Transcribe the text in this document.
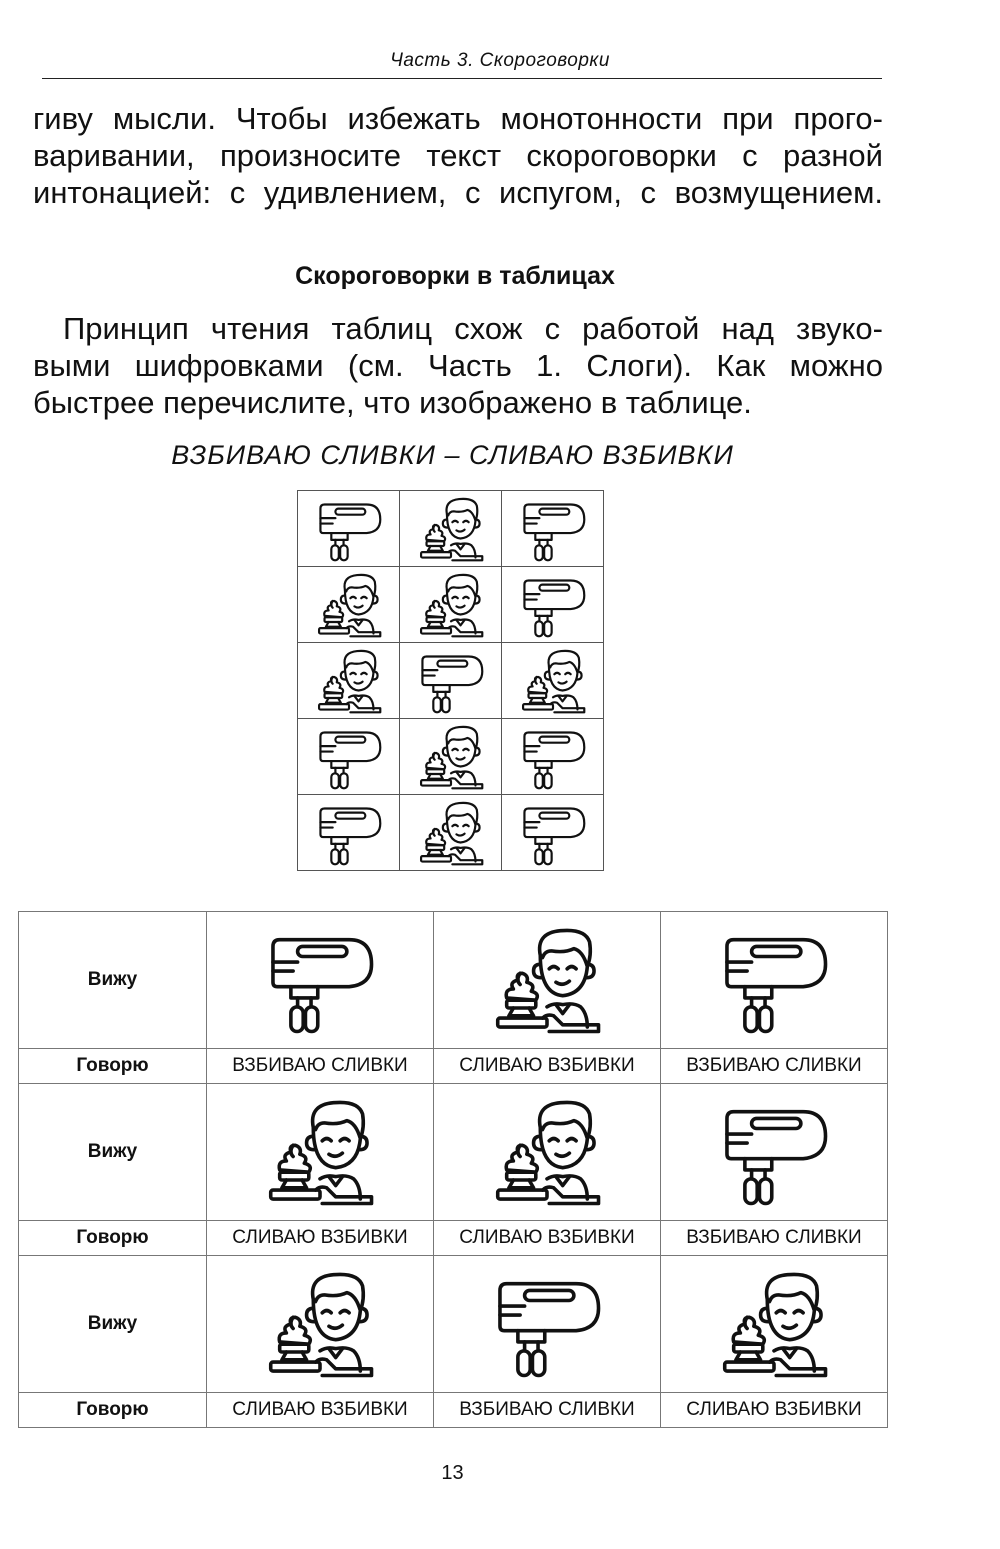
Часть 3. Скороговорки
гиву мысли. Чтобы избежать монотонности при прого-
варивании, произносите текст скороговорки с разной
интонацией: с удивлением, с испугом, с возмущением.
Скороговорки в таблицах
Принцип чтения таблиц схож с работой над звуко-
выми шифровками (см. Часть 1. Слоги). Как можно
быстрее перечислите, что изображено в таблице.
ВЗБИВАЮ СЛИВКИ – СЛИВАЮ ВЗБИВКИ

Вижу	

Говорю	ВЗБИВАЮ СЛИВКИ	СЛИВАЮ ВЗБИВКИ	ВЗБИВАЮ СЛИВКИ
Вижу	

Говорю	СЛИВАЮ ВЗБИВКИ	СЛИВАЮ ВЗБИВКИ	ВЗБИВАЮ СЛИВКИ
Вижу	

Говорю	СЛИВАЮ ВЗБИВКИ	ВЗБИВАЮ СЛИВКИ	СЛИВАЮ ВЗБИВКИ
13
